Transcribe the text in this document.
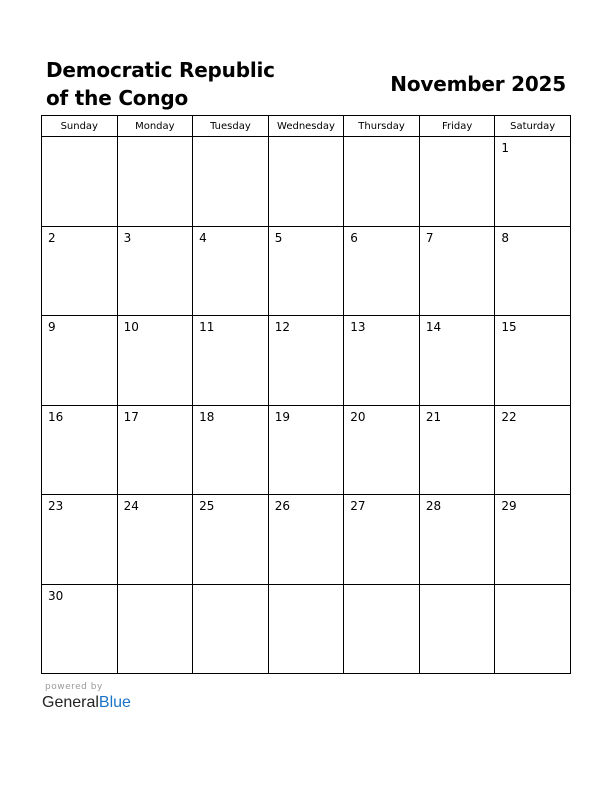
Democratic Republic
of the Congo
November 2025
Sunday	Monday	Tuesday	Wednesday	Thursday	Friday	Saturday

						1

2	3	4	5	6	7	8

9	10	11	12	13	14	15

16	17	18	19	20	21	22

23	24	25	26	27	28	29

30						

powered by
GeneralBlue
